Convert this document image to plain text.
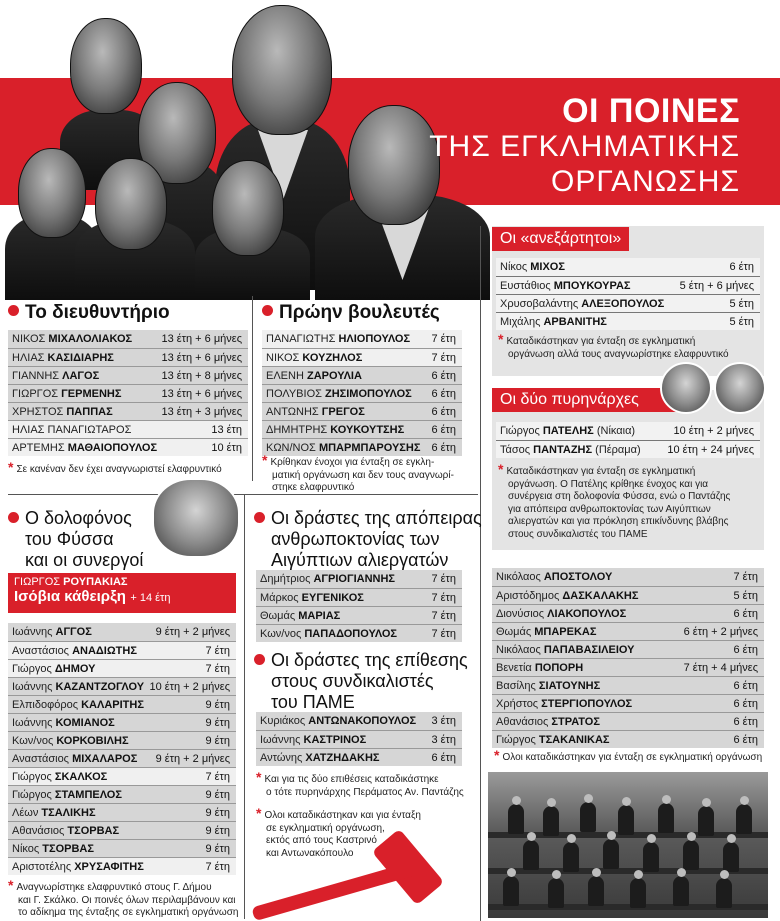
ΟΙ ΠΟΙΝΕΣ
ΤΗΣ ΕΓΚΛΗΜΑΤΙΚΗΣ
ΟΡΓΑΝΩΣΗΣ
Οι «ανεξάρτητοι»
Νίκος ΜΙΧΟΣ	6 έτη
Ευστάθιος ΜΠΟΥΚΟΥΡΑΣ	5 έτη + 6 μήνες
Χρυσοβαλάντης ΑΛΕΞΟΠΟΥΛΟΣ	5 έτη
Μιχάλης ΑΡΒΑΝΙΤΗΣ	5 έτη
* Καταδικάστηκαν για ένταξη σε εγκληματική
οργάνωση αλλά τους αναγνωρίστηκε ελαφρυντικό
Οι δύο πυρηνάρχες
Γιώργος ΠΑΤΕΛΗΣ (Νίκαια)	10 έτη + 2 μήνες
Τάσος ΠΑΝΤΑΖΗΣ (Πέραμα) 10 έτη + 24 μήνες
* Καταδικάστηκαν για ένταξη σε εγκληματική
οργάνωση. Ο Πατέλης κρίθηκε ένοχος και για
συνέργεια στη δολοφονία Φύσσα, ενώ ο Παντάζης
για απόπειρα ανθρωποκτονίας των Αιγύπτιων
αλιεργατών και για πρόκληση επικίνδυνης βλάβης
στους συνδικαλιστές του ΠΑΜΕ
Το διευθυντήριο
ΝΙΚΟΣ ΜΙΧΑΛΟΛΙΑΚΟΣ	13 έτη + 6 μήνες
ΗΛΙΑΣ ΚΑΣΙΔΙΑΡΗΣ	13 έτη + 6 μήνες
ΓΙΑΝΝΗΣ ΛΑΓΟΣ	13 έτη + 8 μήνες
ΓΙΩΡΓΟΣ ΓΕΡΜΕΝΗΣ	13 έτη + 6 μήνες
ΧΡΗΣΤΟΣ ΠΑΠΠΑΣ	13 έτη + 3 μήνες
ΗΛΙΑΣ ΠΑΝΑΓΙΩΤΑΡΟΣ	13 έτη
ΑΡΤΕΜΗΣ ΜΑΘΑΙΟΠΟΥΛΟΣ	10 έτη
* Σε κανέναν δεν έχει αναγνωριστεί ελαφρυντικό
Πρώην βουλευτές
ΠΑΝΑΓΙΩΤΗΣ ΗΛΙΟΠΟΥΛΟΣ 7 έτη
ΝΙΚΟΣ ΚΟΥΖΗΛΟΣ	7 έτη
ΕΛΕΝΗ ΖΑΡΟΥΛΙΑ	6 έτη
ΠΟΛΥΒΙΟΣ ΖΗΣΙΜΟΠΟΥΛΟΣ 6 έτη
ΑΝΤΩΝΗΣ ΓΡΕΓΟΣ	6 έτη
ΔΗΜΗΤΡΗΣ ΚΟΥΚΟΥΤΣΗΣ 6 έτη
ΚΩΝ/ΝΟΣ ΜΠΑΡΜΠΑΡΟΥΣΗΣ 6 έτη
* Κρίθηκαν ένοχοι για ένταξη σε εγκλη-
ματική οργάνωση και δεν τους αναγνωρί-
στηκε ελαφρυντικό
Ο δολοφόνος
του Φύσσα
και οι συνεργοί
ΓΙΩΡΓΟΣ ΡΟΥΠΑΚΙΑΣ
Ισόβια κάθειρξη + 14 έτη
Ιωάννης ΑΓΓΟΣ	9 έτη + 2 μήνες
Αναστάσιος ΑΝΑΔΙΩΤΗΣ	7 έτη
Γιώργος ΔΗΜΟΥ	7 έτη
Ιωάννης ΚΑΖΑΝΤΖΟΓΛΟΥ 10 έτη + 2 μήνες
Ελπιδοφόρος ΚΑΛΑΡΙΤΗΣ	9 έτη
Ιωάννης ΚΟΜΙΑΝΟΣ	9 έτη
Κων/νος ΚΟΡΚΟΒΙΛΗΣ	9 έτη
Αναστάσιος ΜΙΧΑΛΑΡΟΣ 9 έτη + 2 μήνες
Γιώργος ΣΚΑΛΚΟΣ	7 έτη
Γιώργος ΣΤΑΜΠΕΛΟΣ	9 έτη
Λέων ΤΣΑΛΙΚΗΣ	9 έτη
Αθανάσιος ΤΣΟΡΒΑΣ	9 έτη
Νίκος ΤΣΟΡΒΑΣ	9 έτη
Αριστοτέλης ΧΡΥΣΑΦΙΤΗΣ	7 έτη
* Αναγνωρίστηκε ελαφρυντικό στους Γ. Δήμου
και Γ. Σκάλκο. Οι ποινές όλων περιλαμβάνουν και
το αδίκημα της ένταξης σε εγκληματική οργάνωση
Οι δράστες της απόπειρας
ανθρωποκτονίας των
Αιγύπτιων αλιεργατών
Δημήτριος ΑΓΡΙΟΓΙΑΝΝΗΣ	7 έτη
Μάρκος ΕΥΓΕΝΙΚΟΣ	7 έτη
Θωμάς ΜΑΡΙΑΣ	7 έτη
Κων/νος ΠΑΠΑΔΟΠΟΥΛΟΣ	7 έτη
Οι δράστες της επίθεσης
στους συνδικαλιστές
του ΠΑΜΕ
Κυριάκος ΑΝΤΩΝΑΚΟΠΟΥΛΟΣ 3 έτη
Ιωάννης ΚΑΣΤΡΙΝΟΣ	3 έτη
Αντώνης ΧΑΤΖΗΔΑΚΗΣ	6 έτη
* Και για τις δύο επιθέσεις καταδικάστηκε
ο τότε πυρηνάρχης Περάματος Αν. Παντάζης
* Ολοι καταδικάστηκαν και για ένταξη
σε εγκληματική οργάνωση,
εκτός από τους Καστρινό
και Αντωνακόπουλο
Νικόλαος ΑΠΟΣΤΟΛΟΥ	7 έτη
Αριστόδημος ΔΑΣΚΑΛΑΚΗΣ	5 έτη
Διονύσιος ΛΙΑΚΟΠΟΥΛΟΣ	6 έτη
Θωμάς ΜΠΑΡΕΚΑΣ	6 έτη + 2 μήνες
Νικόλαος ΠΑΠΑΒΑΣΙΛΕΙΟΥ	6 έτη
Βενετία ΠΟΠΟΡΗ	7 έτη + 4 μήνες
Βασίλης ΣΙΑΤΟΥΝΗΣ	6 έτη
Χρήστος ΣΤΕΡΓΙΟΠΟΥΛΟΣ	6 έτη
Αθανάσιος ΣΤΡΑΤΟΣ	6 έτη
Γιώργος ΤΣΑΚΑΝΙΚΑΣ	6 έτη
* Ολοι καταδικάστηκαν για ένταξη σε εγκληματική οργάνωση
